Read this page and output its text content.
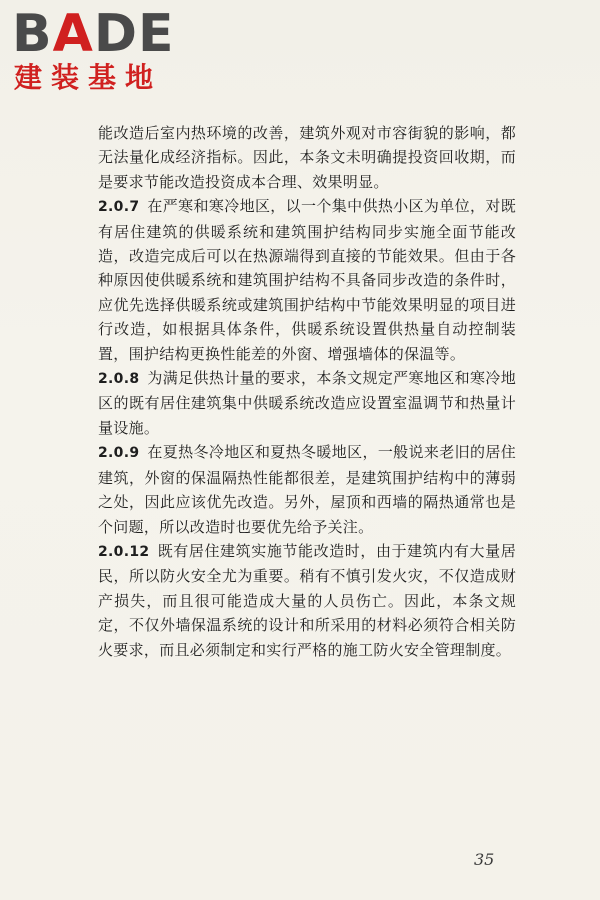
BADE
建装基地

能改造后室内热环境的改善，建筑外观对市容街貌的影响，都无法量化成经济指标。因此，本条文未明确提投资回收期，而是要求节能改造投资成本合理、效果明显。

2.0.7 在严寒和寒冷地区，以一个集中供热小区为单位，对既有居住建筑的供暖系统和建筑围护结构同步实施全面节能改造，改造完成后可以在热源端得到直接的节能效果。但由于各种原因使供暖系统和建筑围护结构不具备同步改造的条件时，应优先选择供暖系统或建筑围护结构中节能效果明显的项目进行改造，如根据具体条件，供暖系统设置供热量自动控制装置，围护结构更换性能差的外窗、增强墙体的保温等。

2.0.8 为满足供热计量的要求，本条文规定严寒地区和寒冷地区的既有居住建筑集中供暖系统改造应设置室温调节和热量计量设施。

2.0.9 在夏热冬冷地区和夏热冬暖地区，一般说来老旧的居住建筑，外窗的保温隔热性能都很差，是建筑围护结构中的薄弱之处，因此应该优先改造。另外，屋顶和西墙的隔热通常也是个问题，所以改造时也要优先给予关注。

2.0.12 既有居住建筑实施节能改造时，由于建筑内有大量居民，所以防火安全尤为重要。稍有不慎引发火灾，不仅造成财产损失，而且很可能造成大量的人员伤亡。因此，本条文规定，不仅外墙保温系统的设计和所采用的材料必须符合相关防火要求，而且必须制定和实行严格的施工防火安全管理制度。

35
